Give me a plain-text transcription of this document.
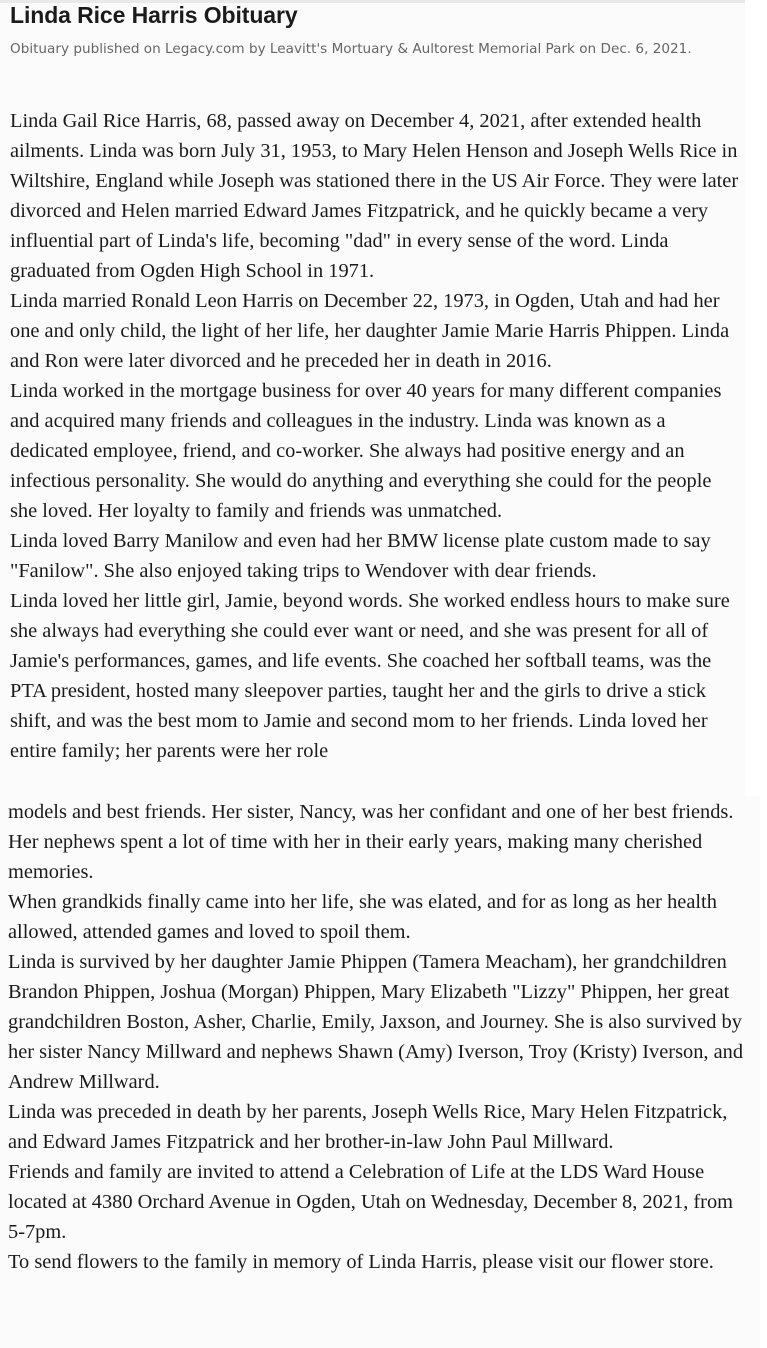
Linda Rice Harris Obituary

Obituary published on Legacy.com by Leavitt's Mortuary & Aultorest Memorial Park on Dec. 6, 2021.

Linda Gail Rice Harris, 68, passed away on December 4, 2021, after extended health ailments. Linda was born July 31, 1953, to Mary Helen Henson and Joseph Wells Rice in Wiltshire, England while Joseph was stationed there in the US Air Force. They were later divorced and Helen married Edward James Fitzpatrick, and he quickly became a very influential part of Linda's life, becoming "dad" in every sense of the word. Linda graduated from Ogden High School in 1971.

Linda married Ronald Leon Harris on December 22, 1973, in Ogden, Utah and had her one and only child, the light of her life, her daughter Jamie Marie Harris Phippen. Linda and Ron were later divorced and he preceded her in death in 2016.

Linda worked in the mortgage business for over 40 years for many different companies and acquired many friends and colleagues in the industry. Linda was known as a dedicated employee, friend, and co-worker. She always had positive energy and an infectious personality. She would do anything and everything she could for the people she loved. Her loyalty to family and friends was unmatched.

Linda loved Barry Manilow and even had her BMW license plate custom made to say "Fanilow". She also enjoyed taking trips to Wendover with dear friends.

Linda loved her little girl, Jamie, beyond words. She worked endless hours to make sure she always had everything she could ever want or need, and she was present for all of Jamie's performances, games, and life events. She coached her softball teams, was the PTA president, hosted many sleepover parties, taught her and the girls to drive a stick shift, and was the best mom to Jamie and second mom to her friends. Linda loved her entire family; her parents were her role

models and best friends. Her sister, Nancy, was her confidant and one of her best friends. Her nephews spent a lot of time with her in their early years, making many cherished memories.

When grandkids finally came into her life, she was elated, and for as long as her health allowed, attended games and loved to spoil them.

Linda is survived by her daughter Jamie Phippen (Tamera Meacham), her grandchildren Brandon Phippen, Joshua (Morgan) Phippen, Mary Elizabeth "Lizzy" Phippen, her great grandchildren Boston, Asher, Charlie, Emily, Jaxson, and Journey. She is also survived by her sister Nancy Millward and nephews Shawn (Amy) Iverson, Troy (Kristy) Iverson, and Andrew Millward.

Linda was preceded in death by her parents, Joseph Wells Rice, Mary Helen Fitzpatrick, and Edward James Fitzpatrick and her brother-in-law John Paul Millward.

Friends and family are invited to attend a Celebration of Life at the LDS Ward House located at 4380 Orchard Avenue in Ogden, Utah on Wednesday, December 8, 2021, from 5-7pm.

To send flowers to the family in memory of Linda Harris, please visit our flower store.
